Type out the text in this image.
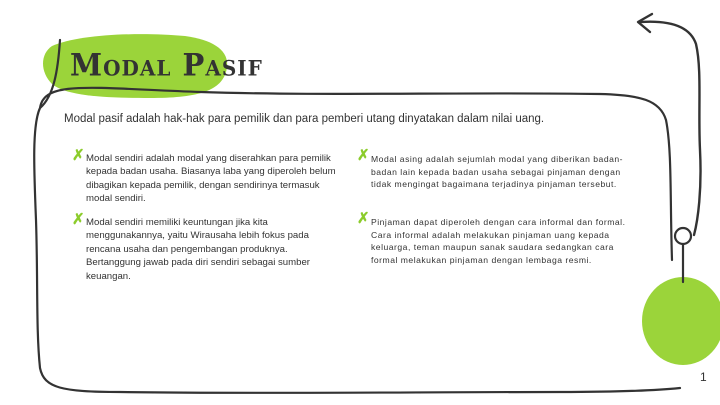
Modal Pasif
Modal pasif adalah hak-hak para pemilik dan para pemberi utang dinyatakan dalam nilai uang.
✗ Modal sendiri adalah modal yang diserahkan para pemilik kepada badan usaha. Biasanya laba yang diperoleh belum dibagikan kepada pemilik, dengan sendirinya termasuk modal sendiri.
✗ Modal sendiri memiliki keuntungan jika kita menggunakannya, yaitu Wirausaha lebih fokus pada rencana usaha dan pengembangan produknya. Bertanggung jawab pada diri sendiri sebagai sumber keuangan.
✗ Modal asing adalah sejumlah modal yang diberikan badan-badan lain kepada badan usaha sebagai pinjaman dengan tidak mengingat bagaimana terjadinya pinjaman tersebut.
✗ Pinjaman dapat diperoleh dengan cara informal dan formal. Cara informal adalah melakukan pinjaman uang kepada keluarga, teman maupun sanak saudara sedangkan cara formal melakukan pinjaman dengan lembaga resmi.
1
